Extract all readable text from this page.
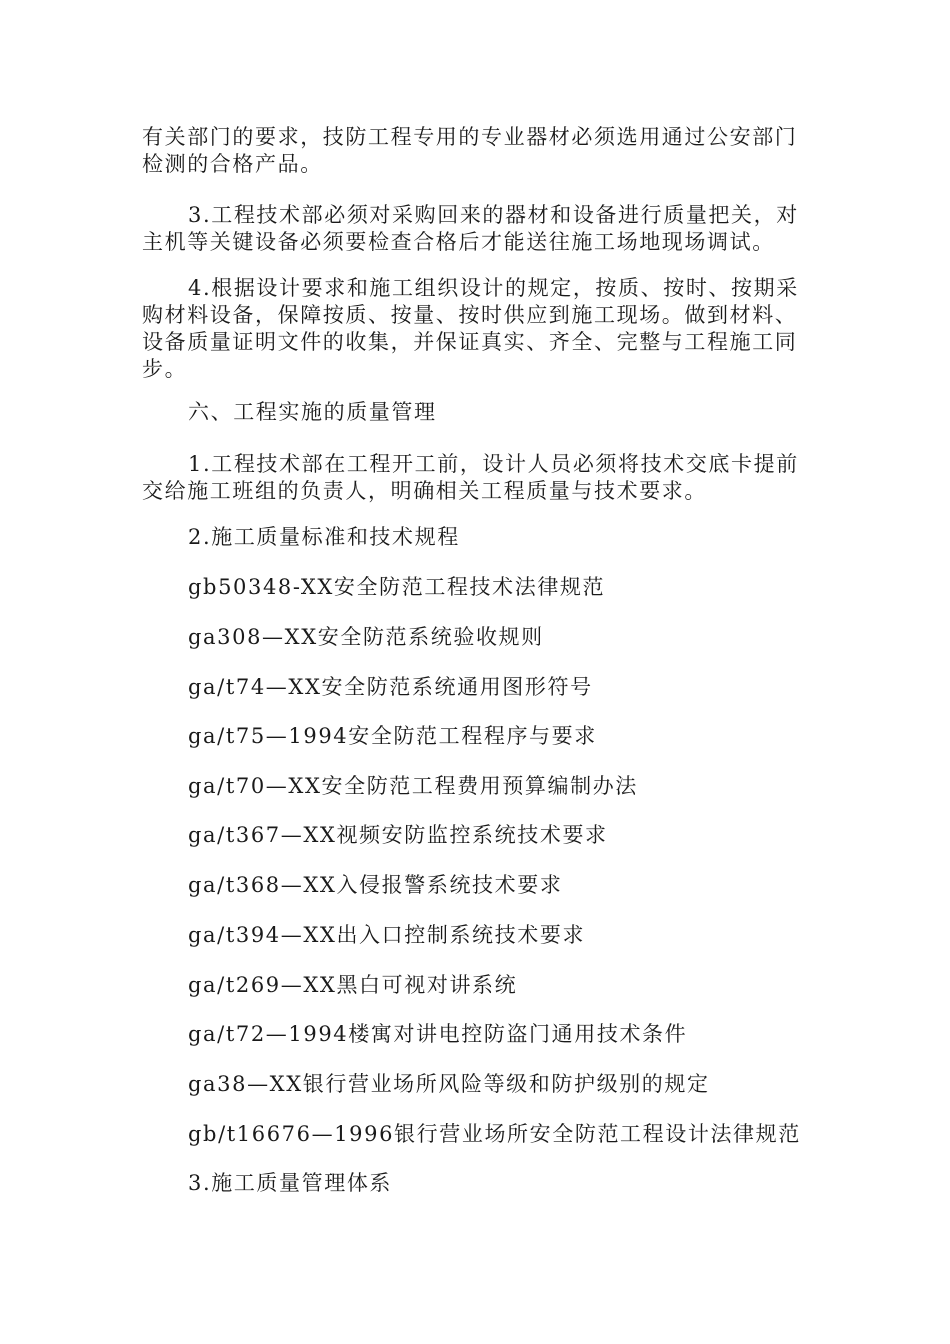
有关部门的要求，技防工程专用的专业器材必须选用通过公安部门
检测的合格产品。
3.工程技术部必须对采购回来的器材和设备进行质量把关，对
主机等关键设备必须要检查合格后才能送往施工场地现场调试。
4.根据设计要求和施工组织设计的规定，按质、按时、按期采
购材料设备，保障按质、按量、按时供应到施工现场。做到材料、
设备质量证明文件的收集，并保证真实、齐全、完整与工程施工同
步。
六、工程实施的质量管理
1.工程技术部在工程开工前，设计人员必须将技术交底卡提前
交给施工班组的负责人，明确相关工程质量与技术要求。
2.施工质量标准和技术规程
gb50348-XX安全防范工程技术法律规范
ga308—XX安全防范系统验收规则
ga/t74—XX安全防范系统通用图形符号
ga/t75—1994安全防范工程程序与要求
ga/t70—XX安全防范工程费用预算编制办法
ga/t367—XX视频安防监控系统技术要求
ga/t368—XX入侵报警系统技术要求
ga/t394—XX出入口控制系统技术要求
ga/t269—XX黑白可视对讲系统
ga/t72—1994楼寓对讲电控防盗门通用技术条件
ga38—XX银行营业场所风险等级和防护级别的规定
gb/t16676—1996银行营业场所安全防范工程设计法律规范
3.施工质量管理体系
